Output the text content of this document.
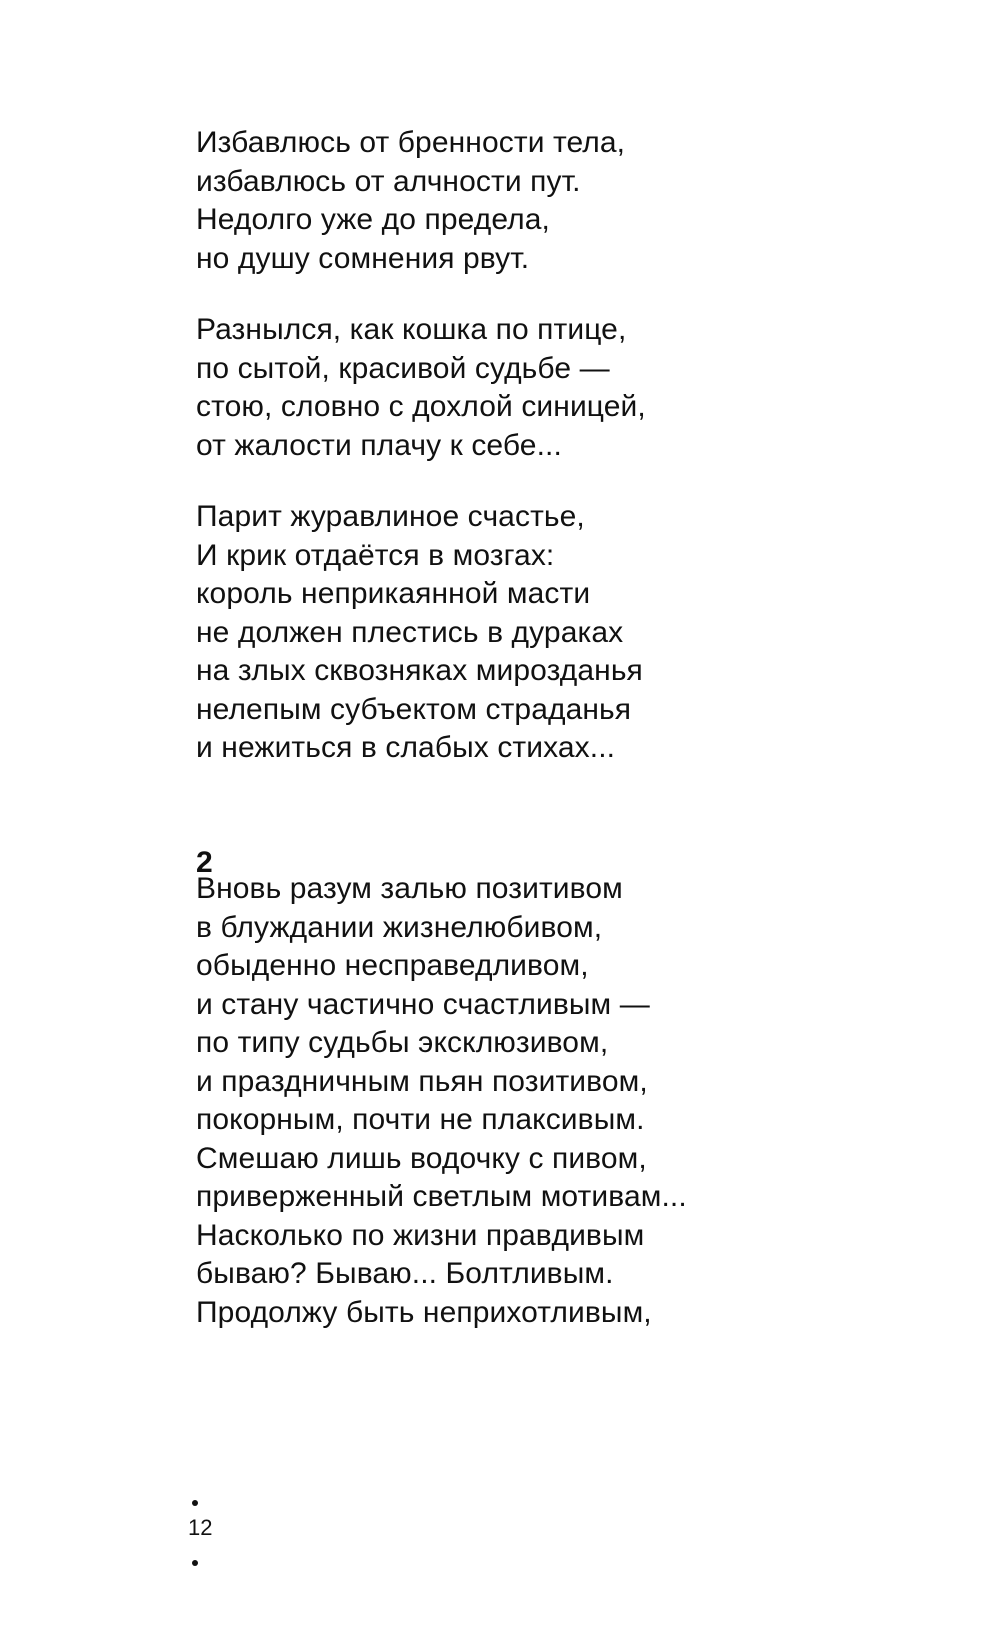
Избавлюсь от бренности тела,
избавлюсь от алчности пут.
Недолго уже до предела,
но душу сомнения рвут.
Разнылся, как кошка по птице,
по сытой, красивой судьбе —
стою, словно с дохлой синицей,
от жалости плачу к себе...
Парит журавлиное счастье,
И крик отдаётся в мозгах:
король неприкаянной масти
не должен плестись в дураках
на злых сквозняках мирозданья
нелепым субъектом страданья
и нежиться в слабых стихах...
2
Вновь разум залью позитивом
в блуждании жизнелюбивом,
обыденно несправедливом,
и стану частично счастливым —
по типу судьбы эксклюзивом,
и праздничным пьян позитивом,
покорным, почти не плаксивым.
Смешаю лишь водочку с пивом,
приверженный светлым мотивам...
Насколько по жизни правдивым
бываю? Бываю... Болтливым.
Продолжу быть неприхотливым,
12
